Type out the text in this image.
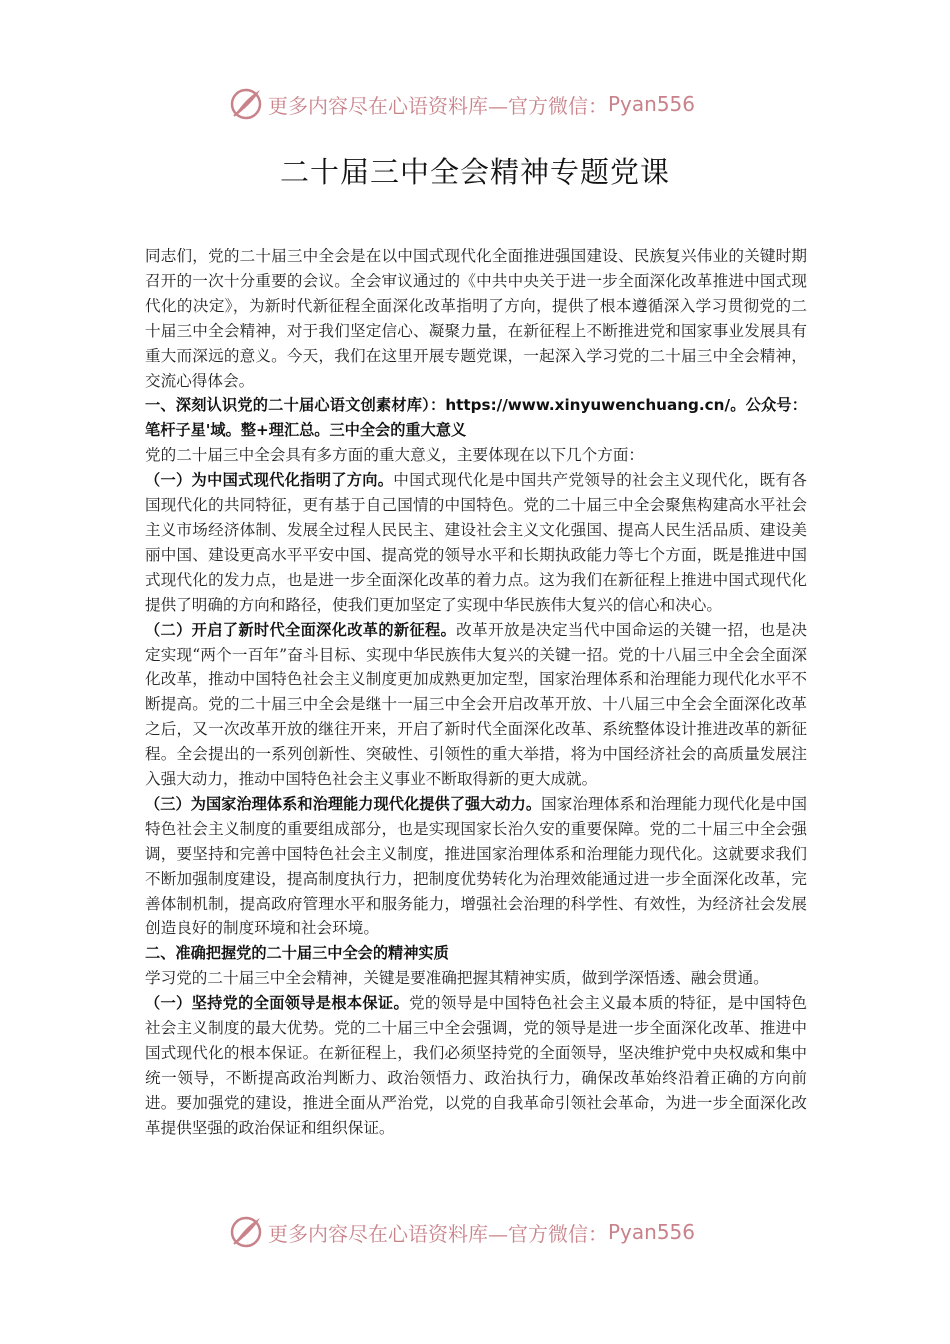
更多内容尽在心语资料库—官方微信： Pyan556
二十届三中全会精神专题党课

同志们，党的二十届三中全会是在以中国式现代化全面推进强国建设、民族复兴伟业的关键时期召开的一次十分重要的会议。全会审议通过的《中共中央关于进一步全面深化改革推进中国式现代化的决定》，为新时代新征程全面深化改革指明了方向，提供了根本遵循深入学习贯彻党的二十届三中全会精神，对于我们坚定信心、凝聚力量，在新征程上不断推进党和国家事业发展具有重大而深远的意义。今天，我们在这里开展专题党课，一起深入学习党的二十届三中全会精神，交流心得体会。

一、深刻认识党的二十届心语文创素材库）：https://www.xinyuwenchuang.cn/。公众号：笔杆子星'域。整+理汇总。三中全会的重大意义

党的二十届三中全会具有多方面的重大意义，主要体现在以下几个方面：

（一）为中国式现代化指明了方向。中国式现代化是中国共产党领导的社会主义现代化，既有各国现代化的共同特征，更有基于自己国情的中国特色。党的二十届三中全会聚焦构建高水平社会主义市场经济体制、发展全过程人民民主、建设社会主义文化强国、提高人民生活品质、建设美丽中国、建设更高水平平安中国、提高党的领导水平和长期执政能力等七个方面，既是推进中国式现代化的发力点，也是进一步全面深化改革的着力点。这为我们在新征程上推进中国式现代化提供了明确的方向和路径，使我们更加坚定了实现中华民族伟大复兴的信心和决心。

（二）开启了新时代全面深化改革的新征程。改革开放是决定当代中国命运的关键一招，也是决定实现“两个一百年”奋斗目标、实现中华民族伟大复兴的关键一招。党的十八届三中全会全面深化改革，推动中国特色社会主义制度更加成熟更加定型，国家治理体系和治理能力现代化水平不断提高。党的二十届三中全会是继十一届三中全会开启改革开放、十八届三中全会全面深化改革之后，又一次改革开放的继往开来，开启了新时代全面深化改革、系统整体设计推进改革的新征程。全会提出的一系列创新性、突破性、引领性的重大举措，将为中国经济社会的高质量发展注入强大动力，推动中国特色社会主义事业不断取得新的更大成就。

（三）为国家治理体系和治理能力现代化提供了强大动力。国家治理体系和治理能力现代化是中国特色社会主义制度的重要组成部分，也是实现国家长治久安的重要保障。党的二十届三中全会强调，要坚持和完善中国特色社会主义制度，推进国家治理体系和治理能力现代化。这就要求我们不断加强制度建设，提高制度执行力，把制度优势转化为治理效能通过进一步全面深化改革，完善体制机制，提高政府管理水平和服务能力，增强社会治理的科学性、有效性，为经济社会发展创造良好的制度环境和社会环境。

二、准确把握党的二十届三中全会的精神实质

学习党的二十届三中全会精神，关键是要准确把握其精神实质，做到学深悟透、融会贯通。

（一）坚持党的全面领导是根本保证。党的领导是中国特色社会主义最本质的特征，是中国特色社会主义制度的最大优势。党的二十届三中全会强调，党的领导是进一步全面深化改革、推进中国式现代化的根本保证。在新征程上，我们必须坚持党的全面领导，坚决维护党中央权威和集中统一领导，不断提高政治判断力、政治领悟力、政治执行力，确保改革始终沿着正确的方向前进。要加强党的建设，推进全面从严治党，以党的自我革命引领社会革命，为进一步全面深化改革提供坚强的政治保证和组织保证。

更多内容尽在心语资料库—官方微信： Pyan556
